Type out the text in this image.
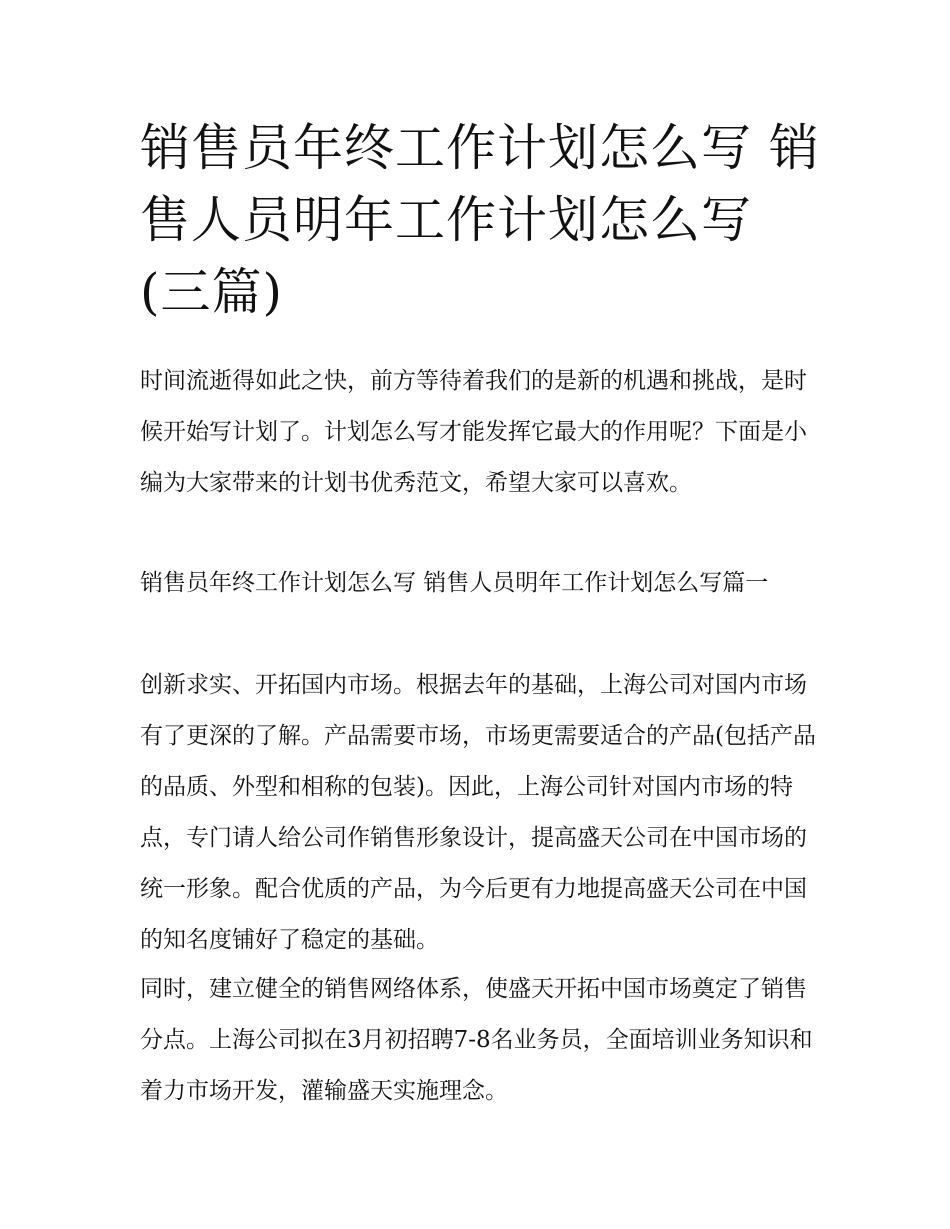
销售员年终工作计划怎么写 销售人员明年工作计划怎么写(三篇)

时间流逝得如此之快，前方等待着我们的是新的机遇和挑战，是时候开始写计划了。计划怎么写才能发挥它最大的作用呢？下面是小编为大家带来的计划书优秀范文，希望大家可以喜欢。

销售员年终工作计划怎么写 销售人员明年工作计划怎么写篇一

创新求实、开拓国内市场。根据去年的基础，上海公司对国内市场有了更深的了解。产品需要市场，市场更需要适合的产品(包括产品的品质、外型和相称的包装)。因此，上海公司针对国内市场的特点，专门请人给公司作销售形象设计，提高盛天公司在中国市场的统一形象。配合优质的产品，为今后更有力地提高盛天公司在中国的知名度铺好了稳定的基础。

同时，建立健全的销售网络体系，使盛天开拓中国市场奠定了销售分点。上海公司拟在3月初招聘7-8名业务员，全面培训业务知识和着力市场开发，灌输盛天实施理念。
